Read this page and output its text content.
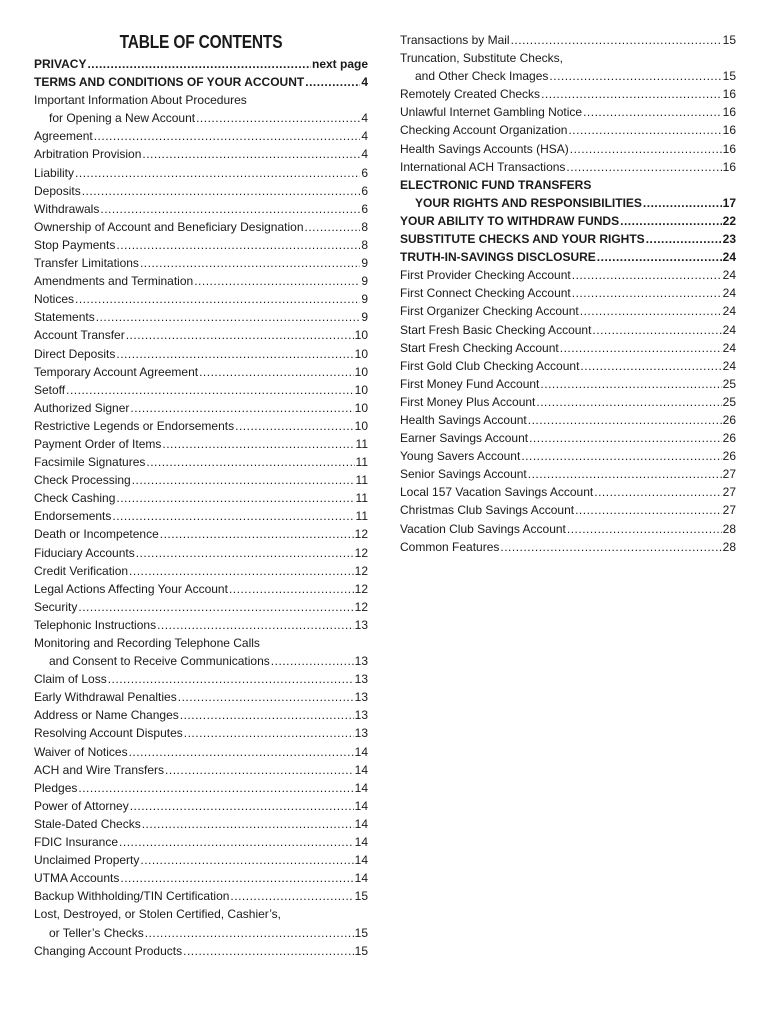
TABLE OF CONTENTS
PRIVACY .....	next page
TERMS AND CONDITIONS OF YOUR ACCOUNT .....	4
Important Information About Procedures
for Opening a New Account .....	4
Agreement .....	4
Arbitration Provision .....	4
Liability .....	6
Deposits .....	6
Withdrawals .....	6
Ownership of Account and Beneficiary Designation .....	8
Stop Payments .....	8
Transfer Limitations .....	9
Amendments and Termination .....	9
Notices .....	9
Statements .....	9
Account Transfer .....	10
Direct Deposits .....	10
Temporary Account Agreement .....	10
Setoff .....	10
Authorized Signer .....	10
Restrictive Legends or Endorsements .....	10
Payment Order of Items .....	11
Facsimile Signatures .....	11
Check Processing .....	11
Check Cashing .....	11
Endorsements .....	11
Death or Incompetence .....	12
Fiduciary Accounts .....	12
Credit Verification .....	12
Legal Actions Affecting Your Account .....	12
Security .....	12
Telephonic Instructions .....	13
Monitoring and Recording Telephone Calls
and Consent to Receive Communications .....	13
Claim of Loss .....	13
Early Withdrawal Penalties .....	13
Address or Name Changes .....	13
Resolving Account Disputes .....	13
Waiver of Notices .....	14
ACH and Wire Transfers .....	14
Pledges .....	14
Power of Attorney .....	14
Stale-Dated Checks .....	14
FDIC Insurance .....	14
Unclaimed Property .....	14
UTMA Accounts .....	14
Backup Withholding/TIN Certification .....	15
Lost, Destroyed, or Stolen Certified, Cashier’s,
or Teller’s Checks .....	15
Changing Account Products .....	15
Transactions by Mail .....	15
Truncation, Substitute Checks,
and Other Check Images .....	15
Remotely Created Checks .....	16
Unlawful Internet Gambling Notice .....	16
Checking Account Organization .....	16
Health Savings Accounts (HSA) .....	16
International ACH Transactions .....	16
ELECTRONIC FUND TRANSFERS
YOUR RIGHTS AND RESPONSIBILITIES .....	17
YOUR ABILITY TO WITHDRAW FUNDS .....	22
SUBSTITUTE CHECKS AND YOUR RIGHTS .....	23
TRUTH-IN-SAVINGS DISCLOSURE .....	24
First Provider Checking Account .....	24
First Connect Checking Account .....	24
First Organizer Checking Account .....	24
Start Fresh Basic Checking Account .....	24
Start Fresh Checking Account .....	24
First Gold Club Checking Account .....	24
First Money Fund Account .....	25
First Money Plus Account .....	25
Health Savings Account .....	26
Earner Savings Account .....	26
Young Savers Account .....	26
Senior Savings Account .....	27
Local 157 Vacation Savings Account .....	27
Christmas Club Savings Account .....	27
Vacation Club Savings Account .....	28
Common Features .....	28
